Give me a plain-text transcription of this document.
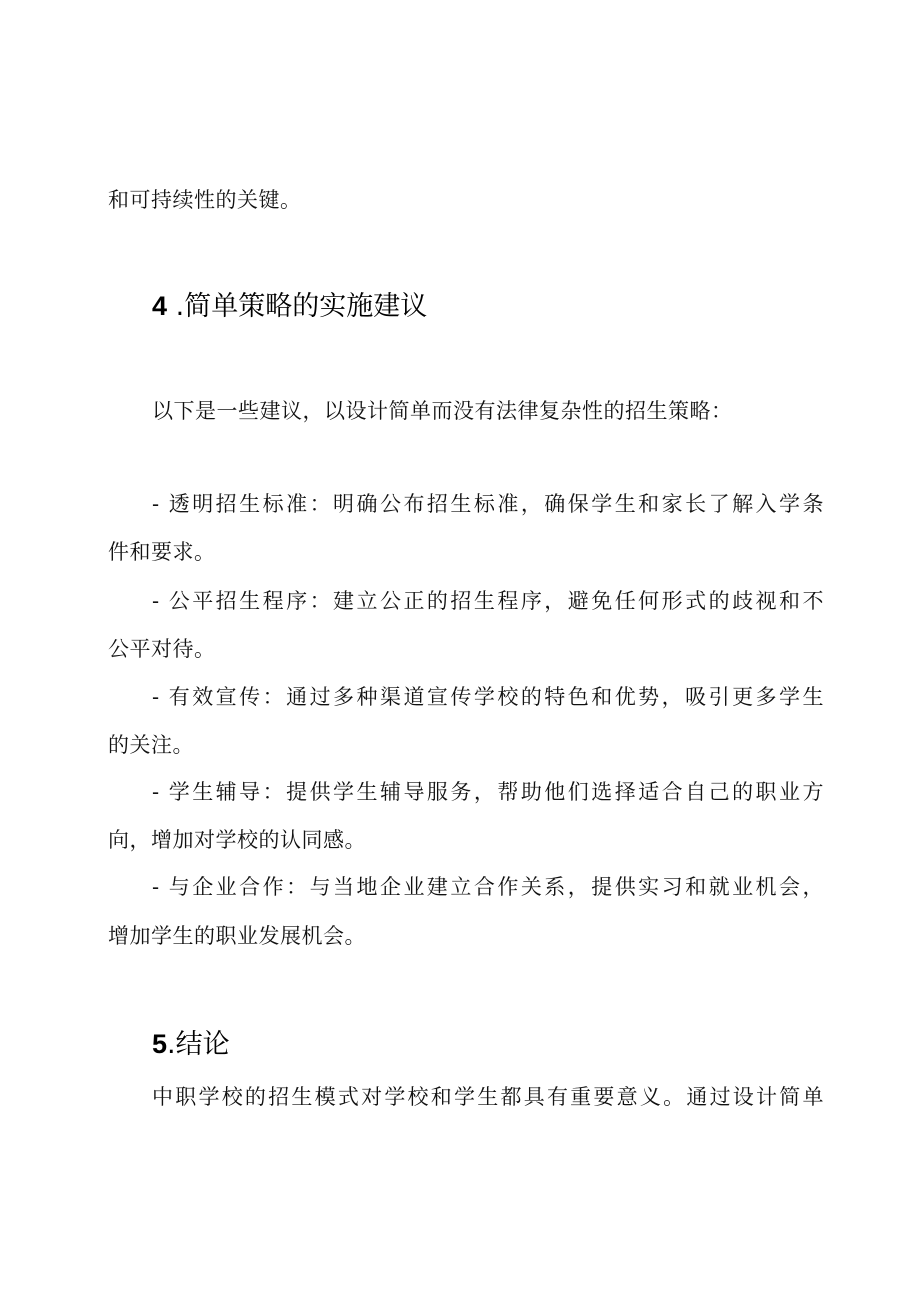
和可持续性的关键。
4 .简单策略的实施建议
以下是一些建议，以设计简单而没有法律复杂性的招生策略：
- 透明招生标准：明确公布招生标准，确保学生和家长了解入学条
件和要求。
- 公平招生程序：建立公正的招生程序，避免任何形式的歧视和不
公平对待。
- 有效宣传：通过多种渠道宣传学校的特色和优势，吸引更多学生
的关注。
- 学生辅导：提供学生辅导服务，帮助他们选择适合自己的职业方
向，增加对学校的认同感。
- 与企业合作：与当地企业建立合作关系，提供实习和就业机会，
增加学生的职业发展机会。
5.结论
中职学校的招生模式对学校和学生都具有重要意义。通过设计简单
